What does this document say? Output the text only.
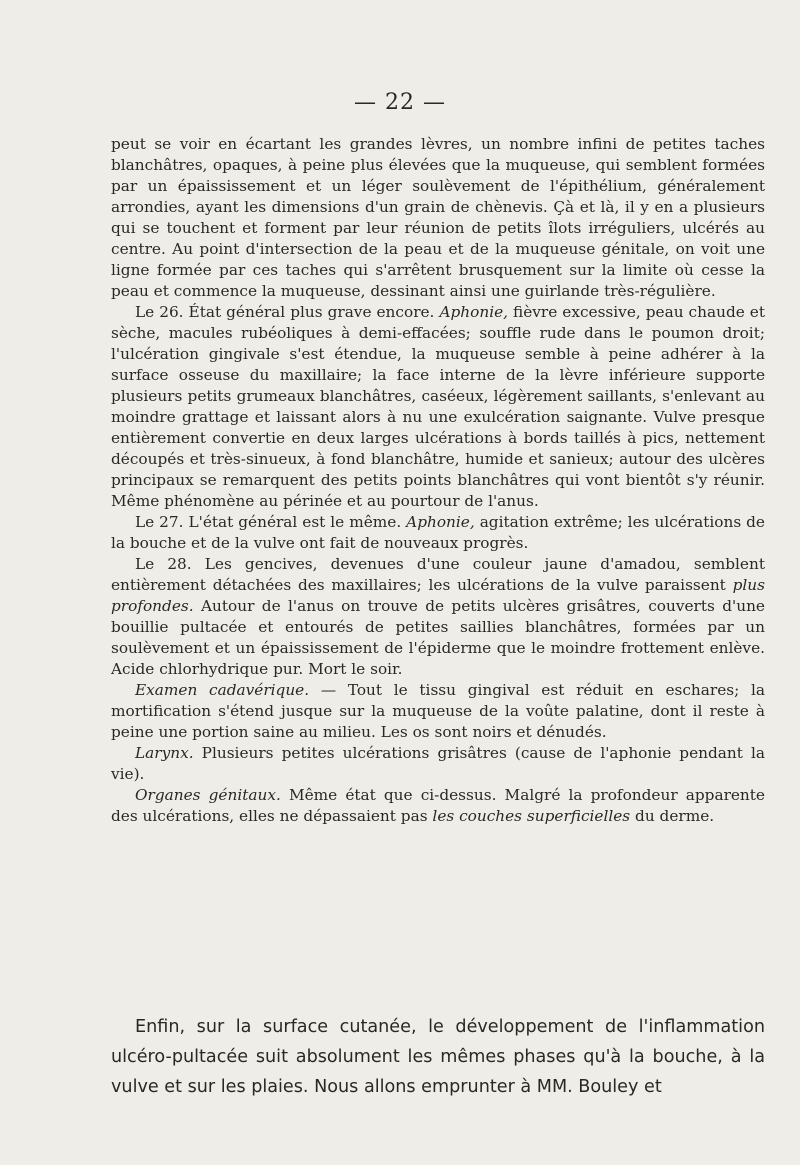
— 22 —

peut se voir en écartant les grandes lèvres, un nombre infini de petites taches blanchâtres, opaques, à peine plus élevées que la muqueuse, qui semblent formées par un épaississement et un léger soulèvement de l'épithélium, généralement arrondies, ayant les dimensions d'un grain de chènevis. Çà et là, il y en a plusieurs qui se touchent et forment par leur réunion de petits îlots irréguliers, ulcérés au centre. Au point d'intersection de la peau et de la muqueuse génitale, on voit une ligne formée par ces taches qui s'arrêtent brusquement sur la limite où cesse la peau et commence la muqueuse, dessinant ainsi une guirlande très-régulière.

Le 26. État général plus grave encore. Aphonie, fièvre excessive, peau chaude et sèche, macules rubéoliques à demi-effacées; souffle rude dans le poumon droit; l'ulcération gingivale s'est étendue, la muqueuse semble à peine adhérer à la surface osseuse du maxillaire; la face interne de la lèvre inférieure supporte plusieurs petits grumeaux blanchâtres, caséeux, légèrement saillants, s'enlevant au moindre grattage et laissant alors à nu une exulcération saignante. Vulve presque entièrement convertie en deux larges ulcérations à bords taillés à pics, nettement découpés et très-sinueux, à fond blanchâtre, humide et sanieux; autour des ulcères principaux se remarquent des petits points blanchâtres qui vont bientôt s'y réunir. Même phénomène au périnée et au pourtour de l'anus.

Le 27. L'état général est le même. Aphonie, agitation extrême; les ulcérations de la bouche et de la vulve ont fait de nouveaux progrès.

Le 28. Les gencives, devenues d'une couleur jaune d'amadou, semblent entièrement détachées des maxillaires; les ulcérations de la vulve paraissent plus profondes. Autour de l'anus on trouve de petits ulcères grisâtres, couverts d'une bouillie pultacée et entourés de petites saillies blanchâtres, formées par un soulèvement et un épaississement de l'épiderme que le moindre frottement enlève. Acide chlorhydrique pur. Mort le soir.

Examen cadavérique. — Tout le tissu gingival est réduit en eschares; la mortification s'étend jusque sur la muqueuse de la voûte palatine, dont il reste à peine une portion saine au milieu. Les os sont noirs et dénudés.

Larynx. Plusieurs petites ulcérations grisâtres (cause de l'aphonie pendant la vie).

Organes génitaux. Même état que ci-dessus. Malgré la profondeur apparente des ulcérations, elles ne dépassaient pas les couches superficielles du derme.

Enfin, sur la surface cutanée, le développement de l'inflammation ulcéro-pultacée suit absolument les mêmes phases qu'à la bouche, à la vulve et sur les plaies. Nous allons emprunter à MM. Bouley et
